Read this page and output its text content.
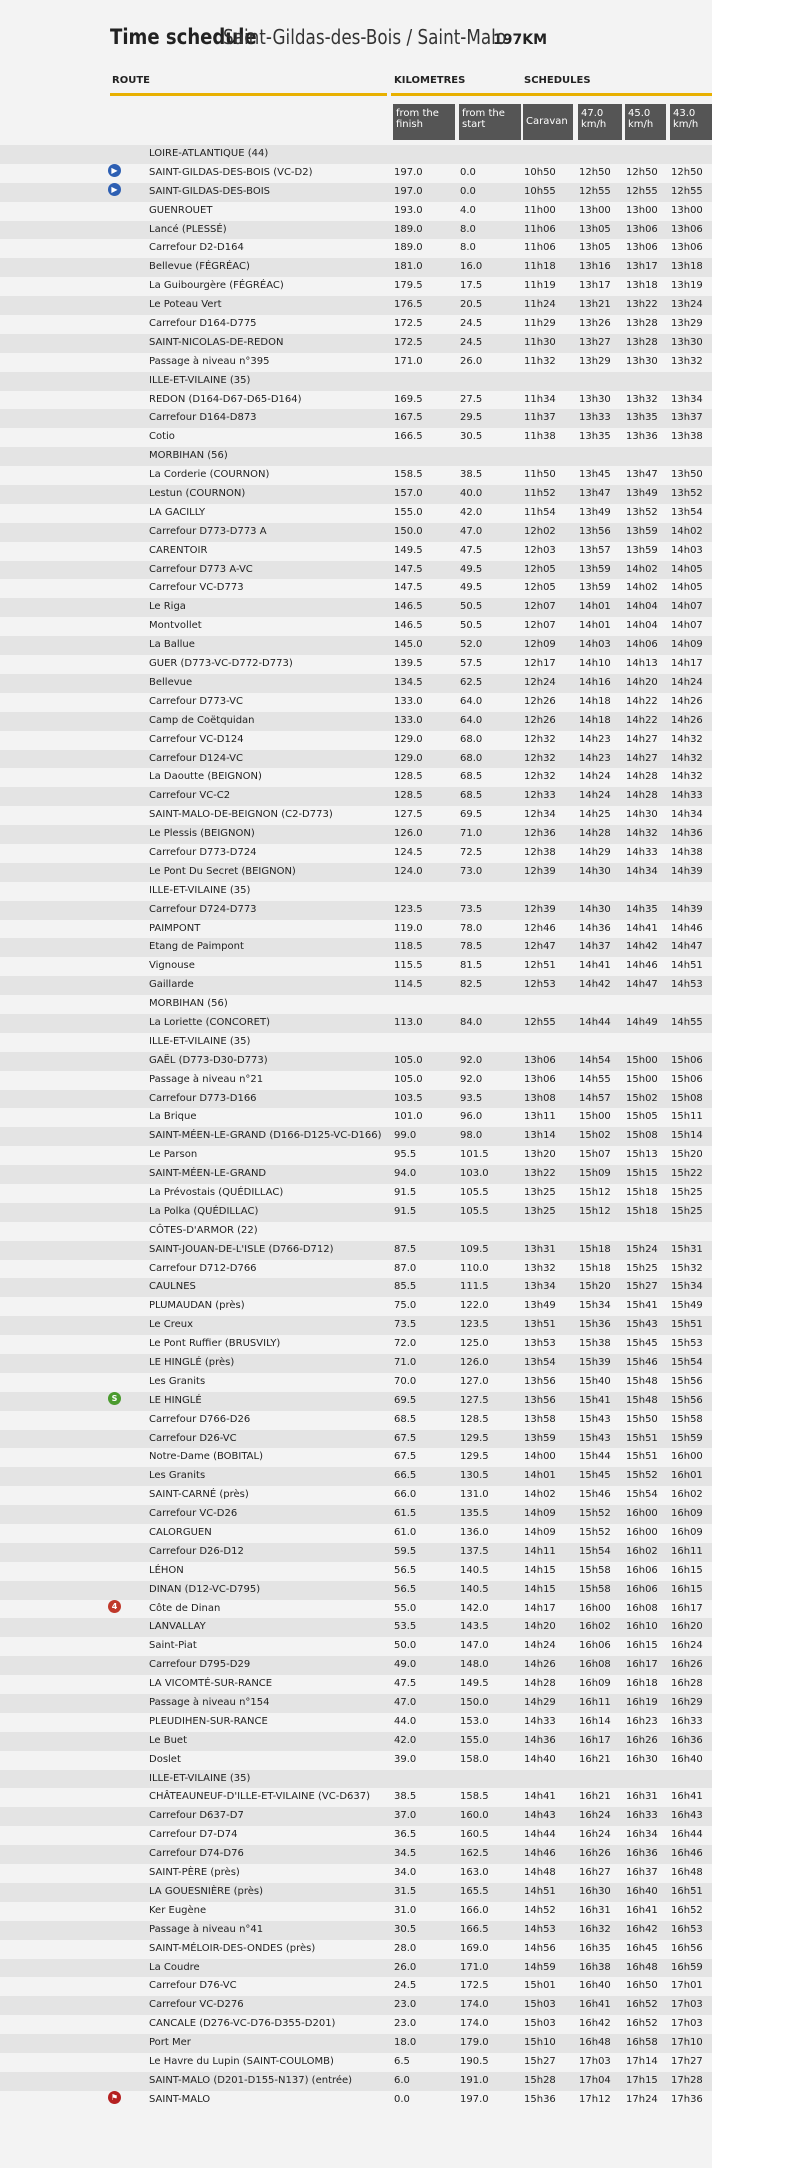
Time schedule
Saint-Gildas-des-Bois / Saint-Malo
197KM
ROUTE	KILOMETRES	SCHEDULES
from the finish
from the start	Caravan
47.0 km/h
45.0 km/h
43.0 km/h
LOIRE-ATLANTIQUE (44)
▶	SAINT-GILDAS-DES-BOIS (VC-D2)	197.0	0.0	10h50 12h50 12h50 12h50
▶	SAINT-GILDAS-DES-BOIS	197.0	0.0	10h55 12h55 12h55 12h55
GUENROUET	193.0	4.0	11h00 13h00 13h00 13h00
Lancé (PLESSÉ)	189.0	8.0	11h06 13h05 13h06 13h06
Carrefour D2-D164	189.0	8.0	11h06 13h05 13h06 13h06
Bellevue (FÉGRÉAC)	181.0	16.0	11h18 13h16 13h17 13h18
La Guibourgère (FÉGRÉAC)	179.5	17.5	11h19 13h17 13h18 13h19
Le Poteau Vert	176.5	20.5	11h24 13h21 13h22 13h24
Carrefour D164-D775	172.5	24.5	11h29 13h26 13h28 13h29
SAINT-NICOLAS-DE-REDON	172.5	24.5	11h30 13h27 13h28 13h30
Passage à niveau n°395	171.0	26.0	11h32 13h29 13h30 13h32
ILLE-ET-VILAINE (35)
REDON (D164-D67-D65-D164)	169.5	27.5	11h34 13h30 13h32 13h34
Carrefour D164-D873	167.5	29.5	11h37 13h33 13h35 13h37
Cotio	166.5	30.5	11h38 13h35 13h36 13h38
MORBIHAN (56)
La Corderie (COURNON)	158.5	38.5	11h50 13h45 13h47 13h50
Lestun (COURNON)	157.0	40.0	11h52 13h47 13h49 13h52
LA GACILLY	155.0	42.0	11h54 13h49 13h52 13h54
Carrefour D773-D773 A	150.0	47.0	12h02 13h56 13h59 14h02
CARENTOIR	149.5	47.5	12h03 13h57 13h59 14h03
Carrefour D773 A-VC	147.5	49.5	12h05 13h59 14h02 14h05
Carrefour VC-D773	147.5	49.5	12h05 13h59 14h02 14h05
Le Riga	146.5	50.5	12h07 14h01 14h04 14h07
Montvollet	146.5	50.5	12h07 14h01 14h04 14h07
La Ballue	145.0	52.0	12h09 14h03 14h06 14h09
GUER (D773-VC-D772-D773)	139.5	57.5	12h17 14h10 14h13 14h17
Bellevue	134.5	62.5	12h24 14h16 14h20 14h24
Carrefour D773-VC	133.0	64.0	12h26 14h18 14h22 14h26
Camp de Coëtquidan	133.0	64.0	12h26 14h18 14h22 14h26
Carrefour VC-D124	129.0	68.0	12h32 14h23 14h27 14h32
Carrefour D124-VC	129.0	68.0	12h32 14h23 14h27 14h32
La Daoutte (BEIGNON)	128.5	68.5	12h32 14h24 14h28 14h32
Carrefour VC-C2	128.5	68.5	12h33 14h24 14h28 14h33
SAINT-MALO-DE-BEIGNON (C2-D773)	127.5	69.5	12h34 14h25 14h30 14h34
Le Plessis (BEIGNON)	126.0	71.0	12h36 14h28 14h32 14h36
Carrefour D773-D724	124.5	72.5	12h38 14h29 14h33 14h38
Le Pont Du Secret (BEIGNON)	124.0	73.0	12h39 14h30 14h34 14h39
ILLE-ET-VILAINE (35)
Carrefour D724-D773	123.5	73.5	12h39 14h30 14h35 14h39
PAIMPONT	119.0	78.0	12h46 14h36 14h41 14h46
Etang de Paimpont	118.5	78.5	12h47 14h37 14h42 14h47
Vignouse	115.5	81.5	12h51 14h41 14h46 14h51
Gaillarde	114.5	82.5	12h53 14h42 14h47 14h53
MORBIHAN (56)
La Loriette (CONCORET)	113.0	84.0	12h55 14h44 14h49 14h55
ILLE-ET-VILAINE (35)
GAËL (D773-D30-D773)	105.0	92.0	13h06 14h54 15h00 15h06
Passage à niveau n°21	105.0	92.0	13h06 14h55 15h00 15h06
Carrefour D773-D166	103.5	93.5	13h08 14h57 15h02 15h08
La Brique	101.0	96.0	13h11 15h00 15h05 15h11
SAINT-MÉEN-LE-GRAND (D166-D125-VC-D166) 99.0	98.0	13h14 15h02 15h08 15h14
Le Parson	95.5	101.5	13h20 15h07 15h13 15h20
SAINT-MÉEN-LE-GRAND	94.0	103.0	13h22 15h09 15h15 15h22
La Prévostais (QUÉDILLAC)	91.5	105.5	13h25 15h12 15h18 15h25
La Polka (QUÉDILLAC)	91.5	105.5	13h25 15h12 15h18 15h25
CÔTES-D'ARMOR (22)
SAINT-JOUAN-DE-L'ISLE (D766-D712)	87.5	109.5	13h31 15h18 15h24 15h31
Carrefour D712-D766	87.0	110.0	13h32 15h18 15h25 15h32
CAULNES	85.5	111.5	13h34 15h20 15h27 15h34
PLUMAUDAN (près)	75.0	122.0	13h49 15h34 15h41 15h49
Le Creux	73.5	123.5	13h51 15h36 15h43 15h51
Le Pont Ruffier (BRUSVILY)	72.0	125.0	13h53 15h38 15h45 15h53
LE HINGLÉ (près)	71.0	126.0	13h54 15h39 15h46 15h54
Les Granits	70.0	127.0	13h56 15h40 15h48 15h56
S	LE HINGLÉ	69.5	127.5	13h56 15h41 15h48 15h56
Carrefour D766-D26	68.5	128.5	13h58 15h43 15h50 15h58
Carrefour D26-VC	67.5	129.5	13h59 15h43 15h51 15h59
Notre-Dame (BOBITAL)	67.5	129.5	14h00 15h44 15h51 16h00
Les Granits	66.5	130.5	14h01 15h45 15h52 16h01
SAINT-CARNÉ (près)	66.0	131.0	14h02 15h46 15h54 16h02
Carrefour VC-D26	61.5	135.5	14h09 15h52 16h00 16h09
CALORGUEN	61.0	136.0	14h09 15h52 16h00 16h09
Carrefour D26-D12	59.5	137.5	14h11 15h54 16h02 16h11
LÉHON	56.5	140.5	14h15 15h58 16h06 16h15
DINAN (D12-VC-D795)	56.5	140.5	14h15 15h58 16h06 16h15
4	Côte de Dinan	55.0	142.0	14h17 16h00 16h08 16h17
LANVALLAY	53.5	143.5	14h20 16h02 16h10 16h20
Saint-Piat	50.0	147.0	14h24 16h06 16h15 16h24
Carrefour D795-D29	49.0	148.0	14h26 16h08 16h17 16h26
LA VICOMTÉ-SUR-RANCE	47.5	149.5	14h28 16h09 16h18 16h28
Passage à niveau n°154	47.0	150.0	14h29 16h11 16h19 16h29
PLEUDIHEN-SUR-RANCE	44.0	153.0	14h33 16h14 16h23 16h33
Le Buet	42.0	155.0	14h36 16h17 16h26 16h36
Doslet	39.0	158.0	14h40 16h21 16h30 16h40
ILLE-ET-VILAINE (35)
CHÂTEAUNEUF-D'ILLE-ET-VILAINE (VC-D637) 38.5	158.5	14h41 16h21 16h31 16h41
Carrefour D637-D7	37.0	160.0	14h43 16h24 16h33 16h43
Carrefour D7-D74	36.5	160.5	14h44 16h24 16h34 16h44
Carrefour D74-D76	34.5	162.5	14h46 16h26 16h36 16h46
SAINT-PÈRE (près)	34.0	163.0	14h48 16h27 16h37 16h48
LA GOUESNIÈRE (près)	31.5	165.5	14h51 16h30 16h40 16h51
Ker Eugène	31.0	166.0	14h52 16h31 16h41 16h52
Passage à niveau n°41	30.5	166.5	14h53 16h32 16h42 16h53
SAINT-MÉLOIR-DES-ONDES (près)	28.0	169.0	14h56 16h35 16h45 16h56
La Coudre	26.0	171.0	14h59 16h38 16h48 16h59
Carrefour D76-VC	24.5	172.5	15h01 16h40 16h50 17h01
Carrefour VC-D276	23.0	174.0	15h03 16h41 16h52 17h03
CANCALE (D276-VC-D76-D355-D201)	23.0	174.0	15h03 16h42 16h52 17h03
Port Mer	18.0	179.0	15h10 16h48 16h58 17h10
Le Havre du Lupin (SAINT-COULOMB)	6.5	190.5	15h27 17h03 17h14 17h27
SAINT-MALO (D201-D155-N137) (entrée)	6.0	191.0	15h28 17h04 17h15 17h28
⚑	SAINT-MALO	0.0	197.0	15h36 17h12 17h24 17h36
